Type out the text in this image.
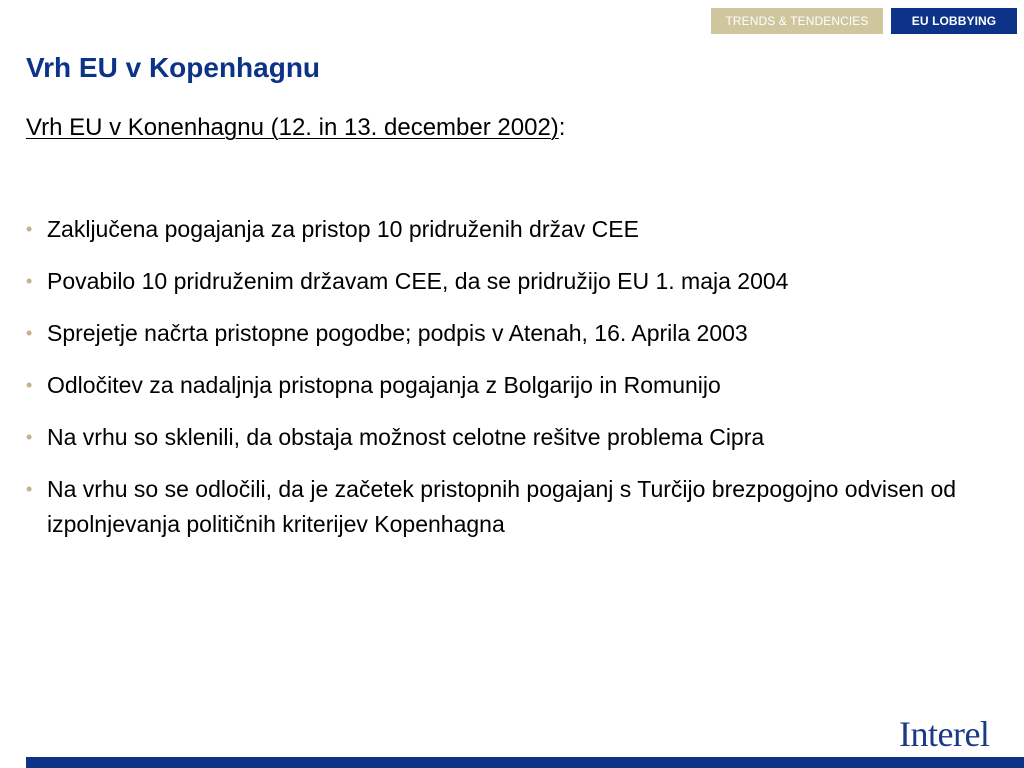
TRENDS & TENDENCIES	EU LOBBYING
Vrh EU v Kopenhagnu
Vrh EU v Konenhagnu (12. in 13. december 2002):
• Zaključena pogajanja za pristop 10 pridruženih držav CEE
• Povabilo 10 pridruženim državam CEE, da se pridružijo EU 1. maja 2004
• Sprejetje načrta pristopne pogodbe; podpis v Atenah, 16. Aprila 2003
• Odločitev za nadaljnja pristopna pogajanja z Bolgarijo in Romunijo
• Na vrhu so sklenili, da obstaja možnost celotne rešitve problema Cipra
• Na vrhu so se odločili, da je začetek pristopnih pogajanj s Turčijo brezpogojno odvisen od izpolnjevanja političnih kriterijev Kopenhagna
Interel
